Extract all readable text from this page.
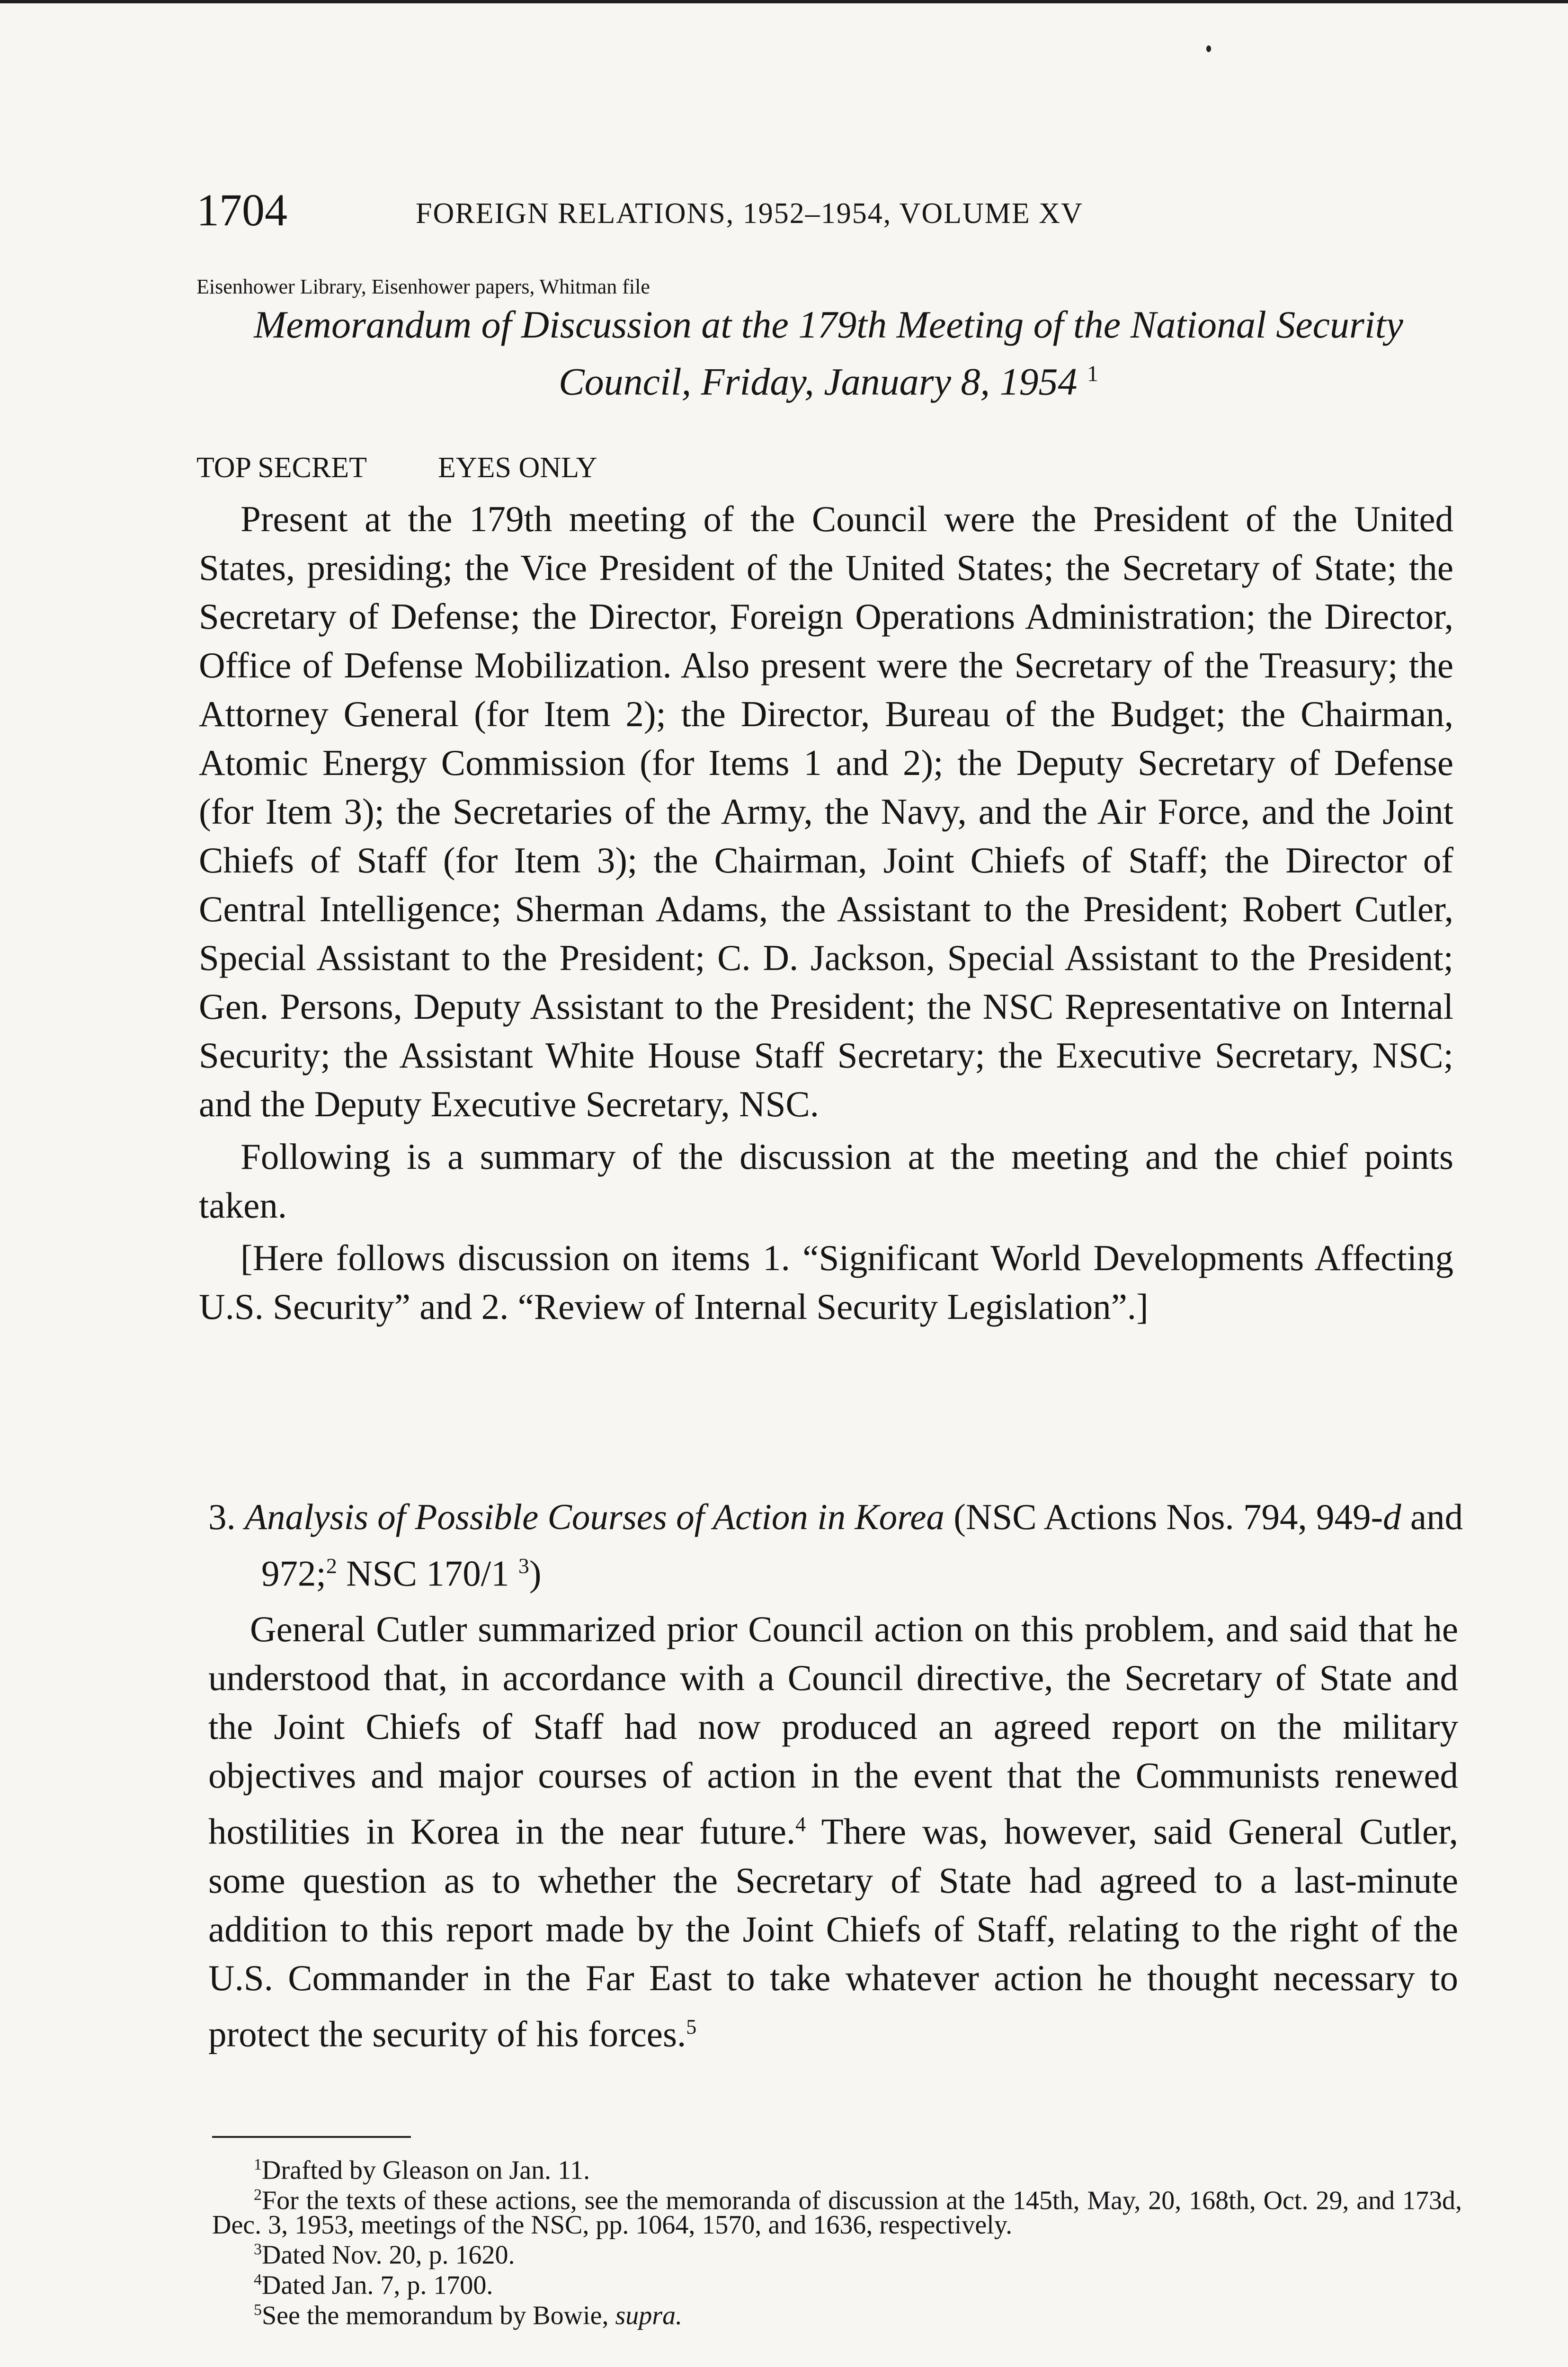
1704	FOREIGN RELATIONS, 1952–1954, VOLUME XV
Eisenhower Library, Eisenhower papers, Whitman file
Memorandum of Discussion at the 179th Meeting of the National Security
Council, Friday, January 8, 1954 $^1$
TOP SECRET EYES ONLY

Present at the 179th meeting of the Council were the President of the United States, presiding; the Vice President of the United States; the Secretary of State; the Secretary of Defense; the Director, Foreign Operations Administration; the Director, Office of Defense Mobilization. Also present were the Secretary of the Treasury; the Attorney General (for Item 2); the Director, Bureau of the Budget; the Chairman, Atomic Energy Commission (for Items 1 and 2); the Deputy Secretary of Defense (for Item 3); the Secretaries of the Army, the Navy, and the Air Force, and the Joint Chiefs of Staff (for Item 3); the Chairman, Joint Chiefs of Staff; the Director of Central Intelligence; Sherman Adams, the Assistant to the President; Robert Cutler, Special Assistant to the President; C. D. Jackson, Special Assistant to the President; Gen. Persons, Deputy Assistant to the President; the NSC Representative on Internal Security; the Assistant White House Staff Secretary; the Executive Secretary, NSC; and the Deputy Executive Secretary, NSC.

Following is a summary of the discussion at the meeting and the chief points taken.

[Here follows discussion on items 1. “Significant World Developments Affecting U.S. Security” and 2. “Review of Internal Security Legislation”.]

3. Analysis of Possible Courses of Action in Korea (NSC Actions Nos. 794, 949-d and 972;$^2$ NSC 170/1 $^3$)

General Cutler summarized prior Council action on this problem, and said that he understood that, in accordance with a Council directive, the Secretary of State and the Joint Chiefs of Staff had now produced an agreed report on the military objectives and major courses of action in the event that the Communists renewed hostilities in Korea in the near future.$^4$ There was, however, said General Cutler, some question as to whether the Secretary of State had agreed to a last-minute addition to this report made by the Joint Chiefs of Staff, relating to the right of the U.S. Commander in the Far East to take whatever action he thought necessary to protect the security of his forces.$^5$

$^1$Drafted by Gleason on Jan. 11.

$^2$For the texts of these actions, see the memoranda of discussion at the 145th, May, 20, 168th, Oct. 29, and 173d, Dec. 3, 1953, meetings of the NSC, pp. 1064, 1570, and 1636, respectively.

$^3$Dated Nov. 20, p. 1620.

$^4$Dated Jan. 7, p. 1700.

$^5$See the memorandum by Bowie, supra.
